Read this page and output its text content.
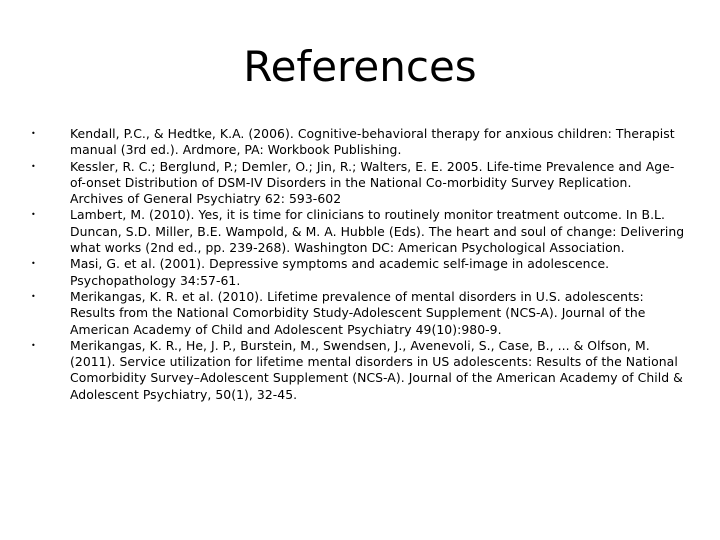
References
•	Kendall, P.C., & Hedtke, K.A. (2006). Cognitive-behavioral therapy for anxious children: Therapist manual (3rd ed.). Ardmore, PA: Workbook Publishing.
•	Kessler, R. C.; Berglund, P.; Demler, O.; Jin, R.; Walters, E. E. 2005. Life-time Prevalence and Age-of-onset Distribution of DSM-IV Disorders in the National Co-morbidity Survey Replication. Archives of General Psychiatry 62: 593-602
•	Lambert, M. (2010). Yes, it is time for clinicians to routinely monitor treatment outcome. In B.L. Duncan, S.D. Miller, B.E. Wampold, & M. A. Hubble (Eds). The heart and soul of change: Delivering what works (2nd ed., pp. 239-268). Washington DC: American Psychological Association.
•	Masi, G. et al. (2001). Depressive symptoms and academic self-image in adolescence. Psychopathology 34:57-61.
•	Merikangas, K. R. et al. (2010). Lifetime prevalence of mental disorders in U.S. adolescents: Results from the National Comorbidity Study-Adolescent Supplement (NCS-A). Journal of the American Academy of Child and Adolescent Psychiatry 49(10):980-9.
•	Merikangas, K. R., He, J. P., Burstein, M., Swendsen, J., Avenevoli, S., Case, B., ... & Olfson, M. (2011). Service utilization for lifetime mental disorders in US adolescents: Results of the National Comorbidity Survey–Adolescent Supplement (NCS-A). Journal of the American Academy of Child & Adolescent Psychiatry, 50(1), 32-45.
